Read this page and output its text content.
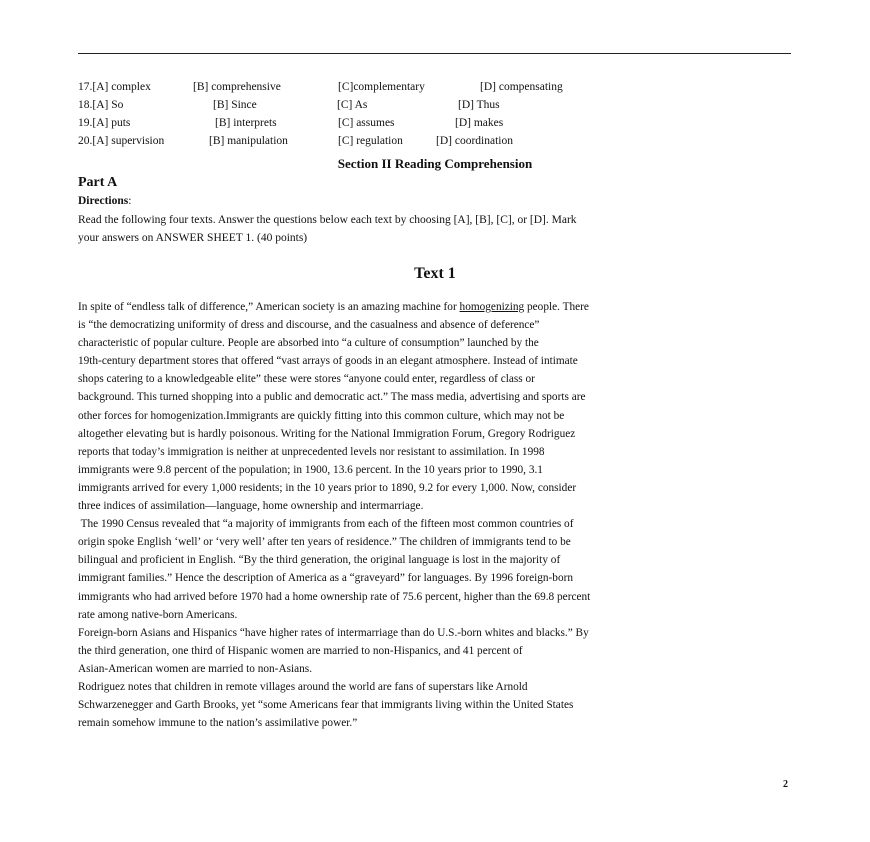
17.[A] complex	[B] comprehensive	[C]complementary	[D] compensating
18.[A] So	[B] Since	[C] As	[D] Thus
19.[A] puts	[B] interprets	[C] assumes	[D] makes
20.[A] supervision	[B] manipulation	[C] regulation	[D] coordination
Section II Reading Comprehension
Part A
Directions:
Read the following four texts. Answer the questions below each text by choosing [A], [B], [C], or [D]. Mark
your answers on ANSWER SHEET 1. (40 points)
Text 1

In spite of “endless talk of difference,” American society is an amazing machine for homogenizing people. There
is “the democratizing uniformity of dress and discourse, and the casualness and absence of deference”
characteristic of popular culture. People are absorbed into “a culture of consumption” launched by the
19th-century department stores that offered “vast arrays of goods in an elegant atmosphere. Instead of intimate
shops catering to a knowledgeable elite” these were stores “anyone could enter, regardless of class or
background. This turned shopping into a public and democratic act.” The mass media, advertising and sports are
other forces for homogenization.Immigrants are quickly fitting into this common culture, which may not be
altogether elevating but is hardly poisonous. Writing for the National Immigration Forum, Gregory Rodriguez
reports that today’s immigration is neither at unprecedented levels nor resistant to assimilation. In 1998
immigrants were 9.8 percent of the population; in 1900, 13.6 percent. In the 10 years prior to 1990, 3.1
immigrants arrived for every 1,000 residents; in the 10 years prior to 1890, 9.2 for every 1,000. Now, consider
three indices of assimilation—language, home ownership and intermarriage.

The 1990 Census revealed that “a majority of immigrants from each of the fifteen most common countries of
origin spoke English ‘well’ or ‘very well’ after ten years of residence.” The children of immigrants tend to be
bilingual and proficient in English. “By the third generation, the original language is lost in the majority of
immigrant families.” Hence the description of America as a “graveyard” for languages. By 1996 foreign-born
immigrants who had arrived before 1970 had a home ownership rate of 75.6 percent, higher than the 69.8 percent
rate among native-born Americans.

Foreign-born Asians and Hispanics “have higher rates of intermarriage than do U.S.-born whites and blacks.” By
the third generation, one third of Hispanic women are married to non-Hispanics, and 41 percent of
Asian-American women are married to non-Asians.

Rodriguez notes that children in remote villages around the world are fans of superstars like Arnold
Schwarzenegger and Garth Brooks, yet “some Americans fear that immigrants living within the United States
remain somehow immune to the nation’s assimilative power.”

2
